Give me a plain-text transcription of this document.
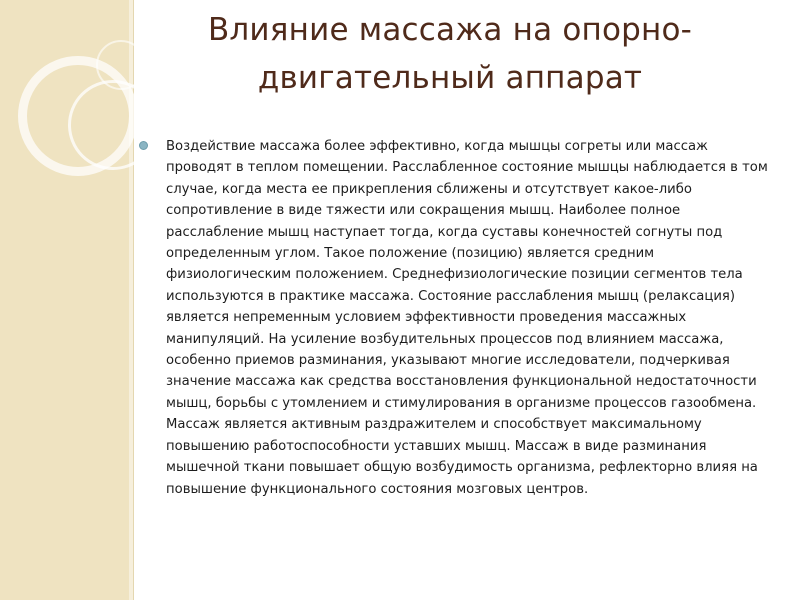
Влияние массажа на опорно-двигательный аппарат

Воздействие массажа более эффективно, когда мышцы согреты или массаж проводят в теплом помещении. Расслабленное состояние мышцы наблюдается в том случае, когда места ее прикрепления сближены и отсутствует какое-либо сопротивление в виде тяжести или сокращения мышц. Наиболее полное расслабление мышц наступает тогда, когда суставы конечностей согнуты под определенным углом. Такое положение (позицию) является средним физиологическим положением. Среднефизиологические позиции сегментов тела используются в практике массажа. Состояние расслабления мышц (релаксация) является непременным условием эффективности проведения массажных манипуляций. На усиление возбудительных процессов под влиянием массажа, особенно приемов разминания, указывают многие исследователи, подчеркивая значение массажа как средства восстановления функциональной недостаточности мышц, борьбы с утомлением и стимулирования в организме процессов газообмена. Массаж является активным раздражителем и способствует максимальному повышению работоспособности уставших мышц. Массаж в виде разминания мышечной ткани повышает общую возбудимость организма, рефлекторно влияя на повышение функционального состояния мозговых центров.
